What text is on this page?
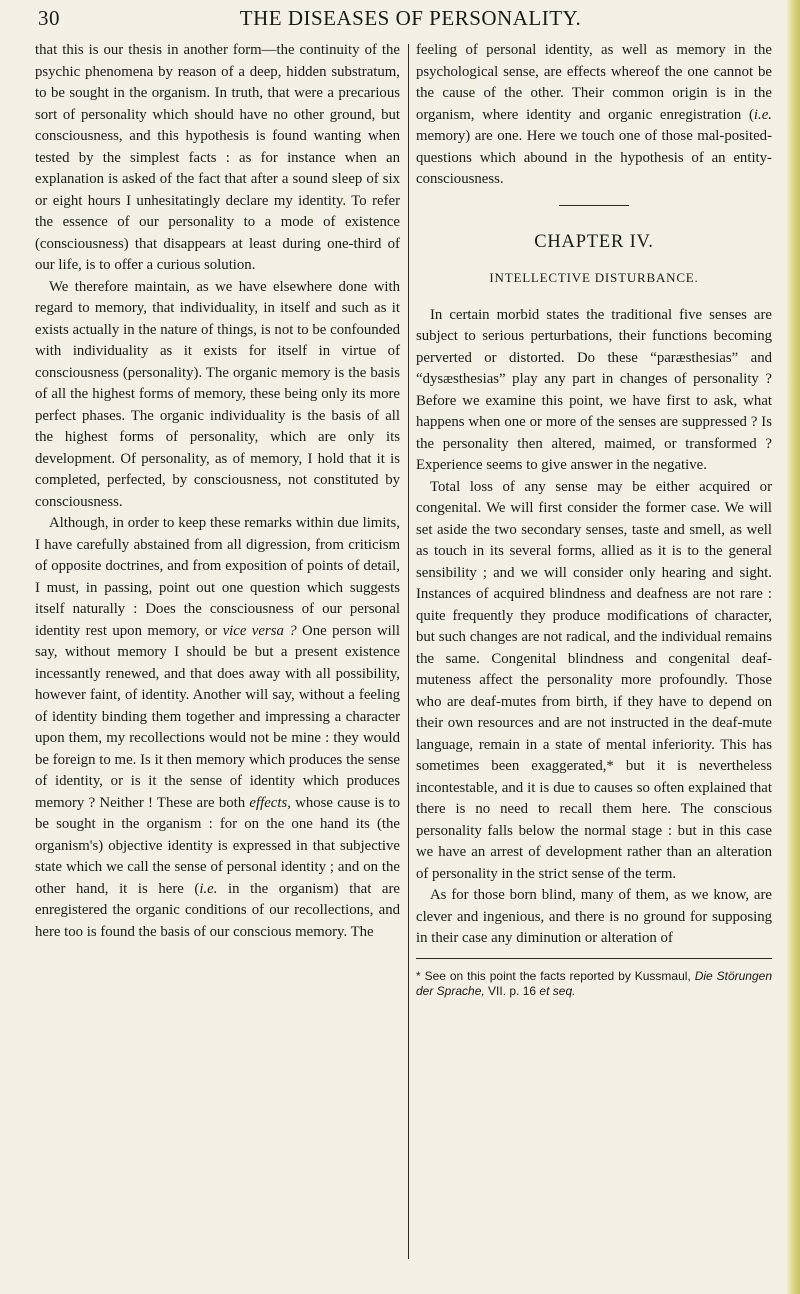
30	THE DISEASES OF PERSONALITY.

that this is our thesis in another form—the continuity of the psychic phenomena by reason of a deep, hidden substratum, to be sought in the organism. In truth, that were a precarious sort of personality which should have no other ground, but consciousness, and this hypothesis is found wanting when tested by the simplest facts : as for instance when an explanation is asked of the fact that after a sound sleep of six or eight hours I unhesitatingly declare my identity. To refer the essence of our personality to a mode of existence (consciousness) that disappears at least during one-third of our life, is to offer a curious solution.

We therefore maintain, as we have elsewhere done with regard to memory, that individuality, in itself and such as it exists actually in the nature of things, is not to be confounded with individuality as it exists for itself in virtue of consciousness (personality). The organic memory is the basis of all the highest forms of memory, these being only its more perfect phases. The organic individuality is the basis of all the highest forms of personality, which are only its development. Of personality, as of memory, I hold that it is completed, perfected, by consciousness, not constituted by consciousness.

Although, in order to keep these remarks within due limits, I have carefully abstained from all digression, from criticism of opposite doctrines, and from exposition of points of detail, I must, in passing, point out one question which suggests itself naturally : Does the consciousness of our personal identity rest upon memory, or vice versa ? One person will say, without memory I should be but a present existence incessantly renewed, and that does away with all possibility, however faint, of identity. Another will say, without a feeling of identity binding them together and impressing a character upon them, my recollections would not be mine : they would be foreign to me. Is it then memory which produces the sense of identity, or is it the sense of identity which produces memory ? Neither ! These are both effects, whose cause is to be sought in the organism : for on the one hand its (the organism's) objective identity is expressed in that subjective state which we call the sense of personal identity ; and on the other hand, it is here (i.e. in the organism) that are enregistered the organic conditions of our recollections, and here too is found the basis of our conscious memory. The

feeling of personal identity, as well as memory in the psychological sense, are effects whereof the one cannot be the cause of the other. Their common origin is in the organism, where identity and organic enregistration (i.e. memory) are one. Here we touch one of those mal-posited-questions which abound in the hypothesis of an entity-consciousness.

CHAPTER IV.
INTELLECTIVE DISTURBANCE.

In certain morbid states the traditional five senses are subject to serious perturbations, their functions becoming perverted or distorted. Do these “paræsthesias” and “dysæsthesias” play any part in changes of personality ? Before we examine this point, we have first to ask, what happens when one or more of the senses are suppressed ? Is the personality then altered, maimed, or transformed ? Experience seems to give answer in the negative.

Total loss of any sense may be either acquired or congenital. We will first consider the former case. We will set aside the two secondary senses, taste and smell, as well as touch in its several forms, allied as it is to the general sensibility ; and we will consider only hearing and sight. Instances of acquired blindness and deafness are not rare : quite frequently they produce modifications of character, but such changes are not radical, and the individual remains the same. Congenital blindness and congenital deaf-muteness affect the personality more profoundly. Those who are deaf-mutes from birth, if they have to depend on their own resources and are not instructed in the deaf-mute language, remain in a state of mental inferiority. This has sometimes been exaggerated,* but it is nevertheless incontestable, and it is due to causes so often explained that there is no need to recall them here. The conscious personality falls below the normal stage : but in this case we have an arrest of development rather than an alteration of personality in the strict sense of the term.

As for those born blind, many of them, as we know, are clever and ingenious, and there is no ground for supposing in their case any diminution or alteration of

* See on this point the facts reported by Kussmaul, Die Störungen der Sprache, VII. p. 16 et seq.
